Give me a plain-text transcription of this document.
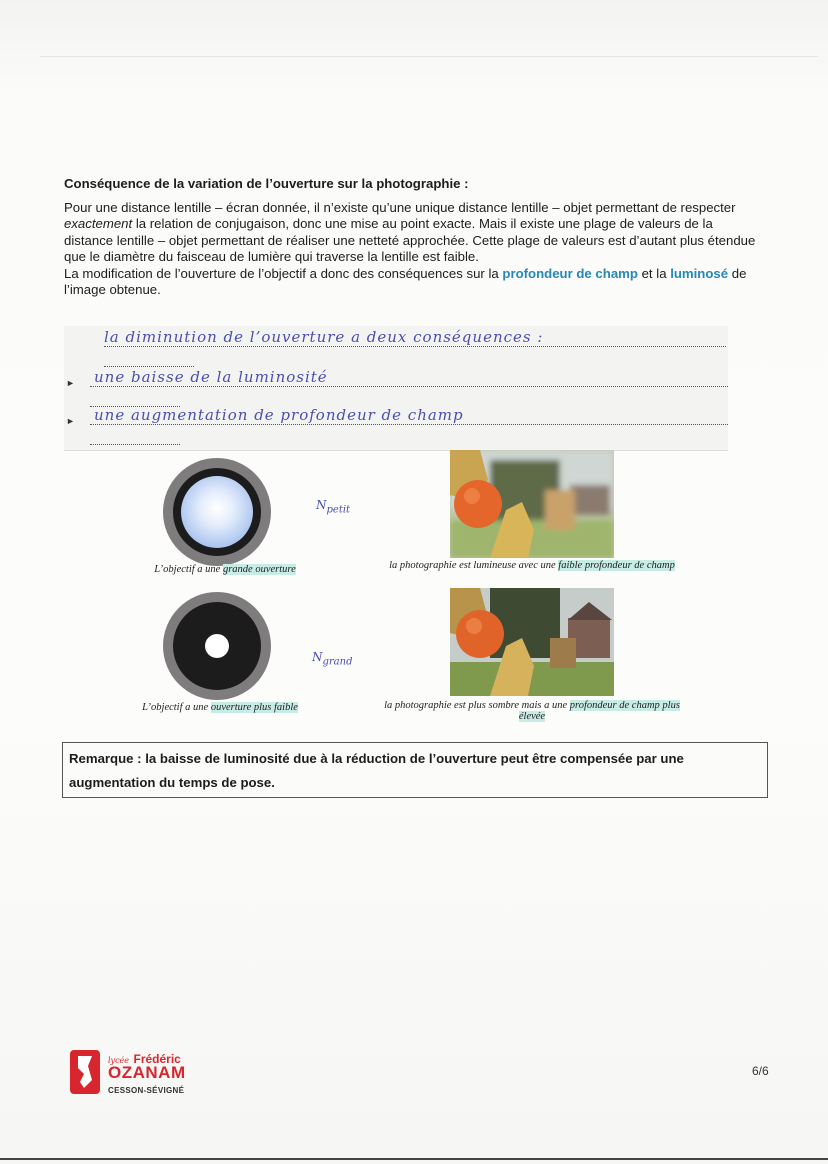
Conséquence de la variation de l’ouverture sur la photographie :

Pour une distance lentille – écran donnée, il n’existe qu’une unique distance lentille – objet permettant de respecter exactement la relation de conjugaison, donc une mise au point exacte. Mais il existe une plage de valeurs de la distance lentille – objet permettant de réaliser une netteté approchée. Cette plage de valeurs est d’autant plus étendue que le diamètre du faisceau de lumière qui traverse la lentille est faible.

La modification de l’ouverture de l’objectif a donc des conséquences sur la profondeur de champ et la luminosé de l’image obtenue.

la diminution de l’ouverture a deux conséquences :
► une baisse de la luminosité
► une augmentation de profondeur de champ
$N_{petit}$
L’objectif a une grande ouverture	la photographie est lumineuse avec une faible profondeur de champ
$N_{grand}$
L’objectif a une ouverture plus faible	la photographie est plus sombre mais a une profondeur de champ plus élevée
Remarque : la baisse de luminosité due à la réduction de l’ouverture peut être compensée par une augmentation du temps de pose.
lycée Frédéric
OZANAM
CESSON-SÉVIGNÉ
6/6
